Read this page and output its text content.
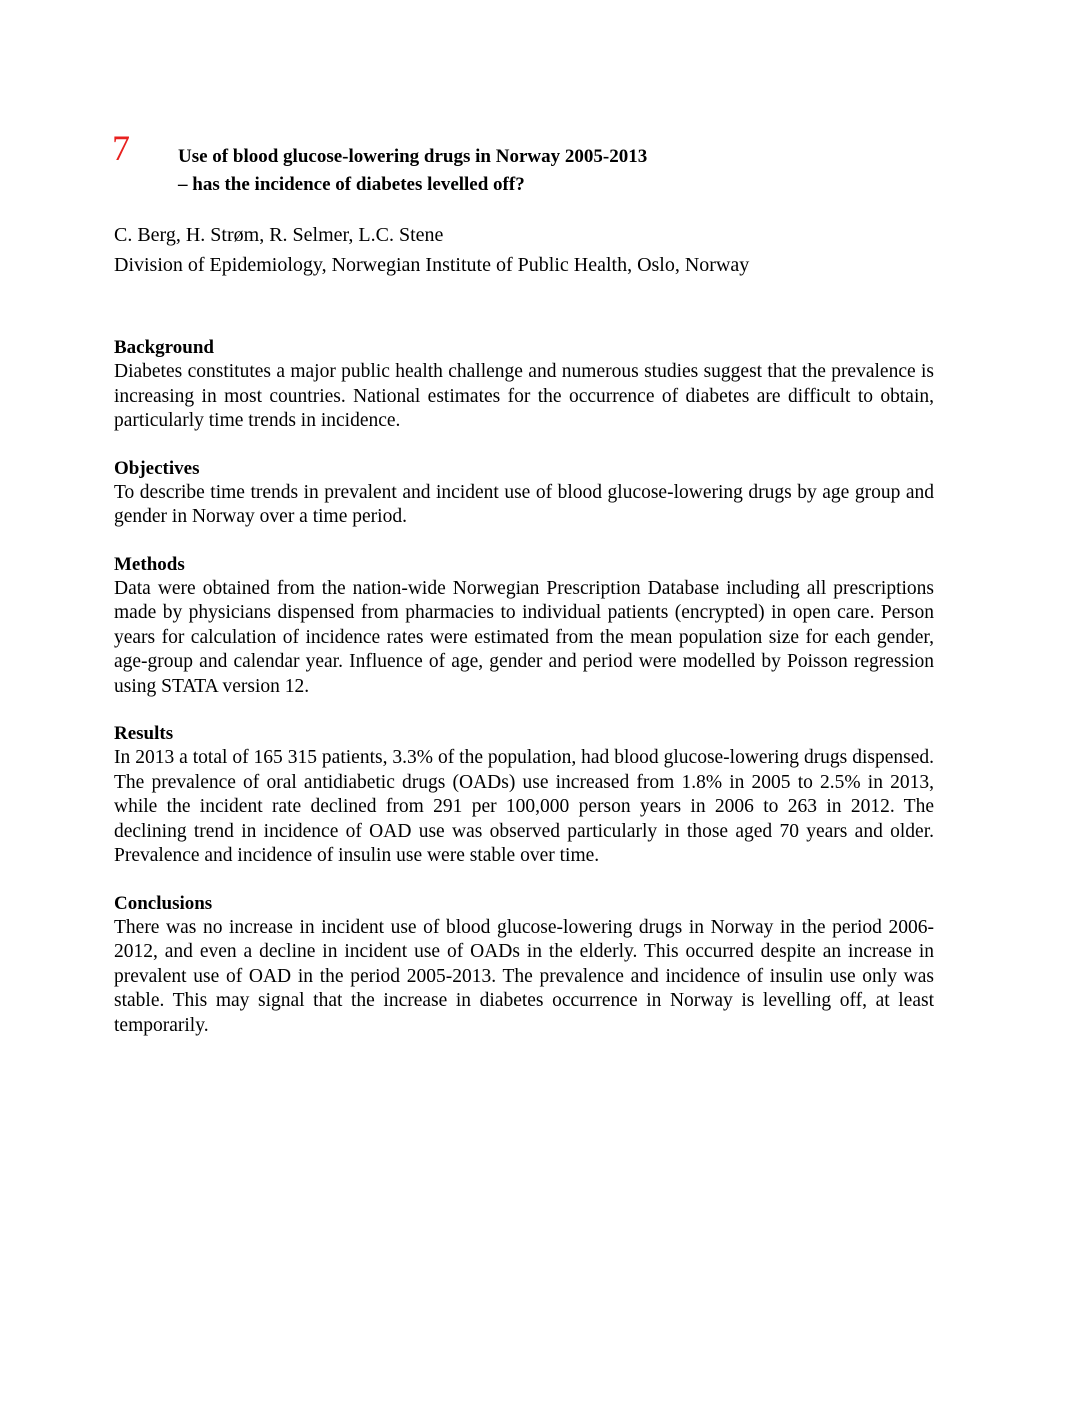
7	Use of blood glucose-lowering drugs in Norway 2005-2013
– has the incidence of diabetes levelled off?
C. Berg, H. Strøm, R. Selmer, L.C. Stene
Division of Epidemiology, Norwegian Institute of Public Health, Oslo, Norway

Background

Diabetes constitutes a major public health challenge and numerous studies suggest that the prevalence is increasing in most countries. National estimates for the occurrence of diabetes are difficult to obtain, particularly time trends in incidence.

Objectives

To describe time trends in prevalent and incident use of blood glucose-lowering drugs by age group and gender in Norway over a time period.

Methods

Data were obtained from the nation-wide Norwegian Prescription Database including all prescriptions made by physicians dispensed from pharmacies to individual patients (encrypted) in open care. Person years for calculation of incidence rates were estimated from the mean population size for each gender, age-group and calendar year. Influence of age, gender and period were modelled by Poisson regression using STATA version 12.

Results

In 2013 a total of 165 315 patients, 3.3% of the population, had blood glucose-lowering drugs dispensed. The prevalence of oral antidiabetic drugs (OADs) use increased from 1.8% in 2005 to 2.5% in 2013, while the incident rate declined from 291 per 100,000 person years in 2006 to 263 in 2012. The declining trend in incidence of OAD use was observed particularly in those aged 70 years and older. Prevalence and incidence of insulin use were stable over time.

Conclusions

There was no increase in incident use of blood glucose-lowering drugs in Norway in the period 2006-2012, and even a decline in incident use of OADs in the elderly. This occurred despite an increase in prevalent use of OAD in the period 2005-2013. The prevalence and incidence of insulin use only was stable. This may signal that the increase in diabetes occurrence in Norway is levelling off, at least temporarily.
